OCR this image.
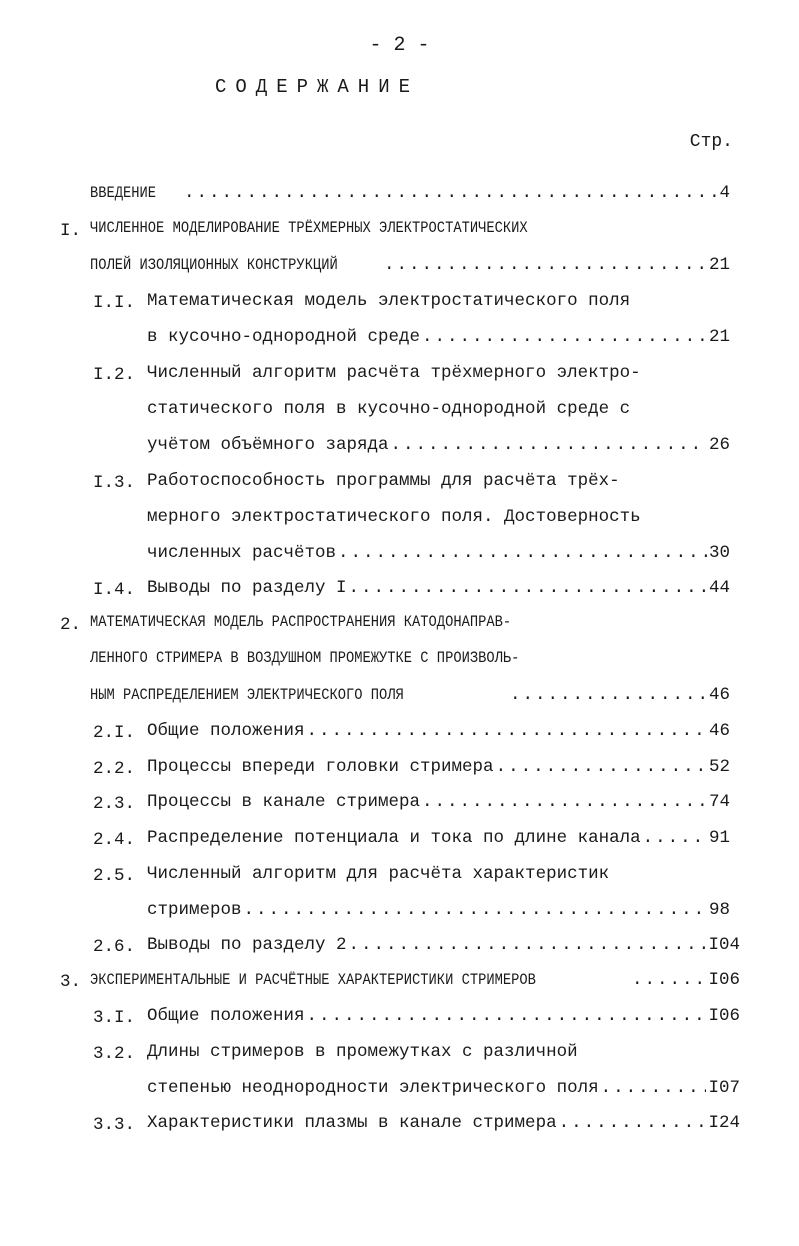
- 2 -
СОДЕРЖАНИЕ
Стр.
ВВЕДЕНИЕ .....	4
I. ЧИСЛЕННОЕ МОДЕЛИРОВАНИЕ ТРЁХМЕРНЫХ ЭЛЕКТРОСТАТИЧЕСКИХ
ПОЛЕЙ ИЗОЛЯЦИОННЫХ КОНСТРУКЦИЙ .....	21
I.I. Математическая модель электростатического поля
в кусочно-однородной среде .....	21
I.2. Численный алгоритм расчёта трёхмерного электро-
статического поля в кусочно-однородной среде с
учётом объёмного заряда .....	26
I.3. Работоспособность программы для расчёта трёх-
мерного электростатического поля. Достоверность
численных расчётов .....	30
I.4. Выводы по разделу I .....	44
2. МАТЕМАТИЧЕСКАЯ МОДЕЛЬ РАСПРОСТРАНЕНИЯ КАТОДОНАПРАВ-
ЛЕННОГО СТРИМЕРА В ВОЗДУШНОМ ПРОМЕЖУТКЕ С ПРОИЗВОЛЬ-
НЫМ РАСПРЕДЕЛЕНИЕМ ЭЛЕКТРИЧЕСКОГО ПОЛЯ .....	46
2.I. Общие положения .....	46
2.2. Процессы впереди головки стримера .....	52
2.3. Процессы в канале стримера .....	74
2.4. Распределение потенциала и тока по длине канала .....	91
2.5. Численный алгоритм для расчёта характеристик
стримеров .....	98
2.6. Выводы по разделу 2 .....	I04
3. ЭКСПЕРИМЕНТАЛЬНЫЕ И РАСЧЁТНЫЕ ХАРАКТЕРИСТИКИ СТРИМЕРОВ .....	I06
3.I. Общие положения .....	I06
3.2. Длины стримеров в промежутках с различной
степенью неоднородности электрического поля .....	I07
3.3. Характеристики плазмы в канале стримера .....	I24
